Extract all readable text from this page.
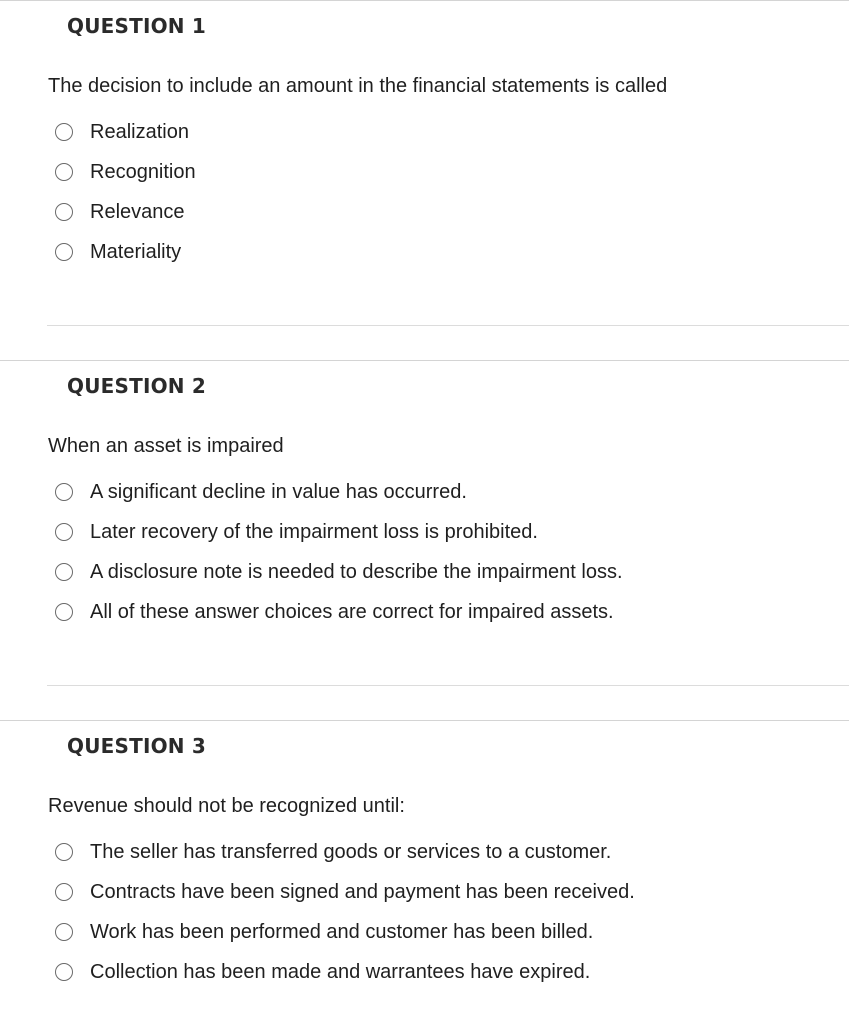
QUESTION 1
The decision to include an amount in the financial statements is called
Realization
Recognition
Relevance
Materiality
QUESTION 2
When an asset is impaired
A significant decline in value has occurred.
Later recovery of the impairment loss is prohibited.
A disclosure note is needed to describe the impairment loss.
All of these answer choices are correct for impaired assets.
QUESTION 3
Revenue should not be recognized until:
The seller has transferred goods or services to a customer.
Contracts have been signed and payment has been received.
Work has been performed and customer has been billed.
Collection has been made and warrantees have expired.
